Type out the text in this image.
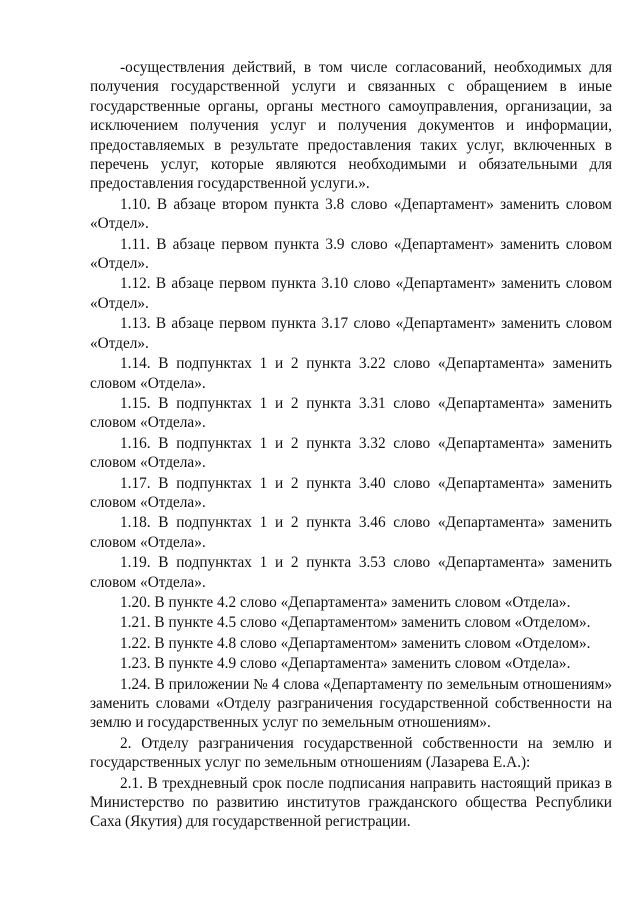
-осуществления действий, в том числе согласований, необходимых для получения государственной услуги и связанных с обращением в иные государственные органы, органы местного самоуправления, организации, за исключением получения услуг и получения документов и информации, предоставляемых в результате предоставления таких услуг, включенных в перечень услуг, которые являются необходимыми и обязательными для предоставления государственной услуги.».

1.10. В абзаце втором пункта 3.8 слово «Департамент» заменить словом «Отдел».

1.11. В абзаце первом пункта 3.9 слово «Департамент» заменить словом «Отдел».

1.12. В абзаце первом пункта 3.10 слово «Департамент» заменить словом «Отдел».

1.13. В абзаце первом пункта 3.17 слово «Департамент» заменить словом «Отдел».

1.14. В подпунктах 1 и 2 пункта 3.22 слово «Департамента» заменить словом «Отдела».

1.15. В подпунктах 1 и 2 пункта 3.31 слово «Департамента» заменить словом «Отдела».

1.16. В подпунктах 1 и 2 пункта 3.32 слово «Департамента» заменить словом «Отдела».

1.17. В подпунктах 1 и 2 пункта 3.40 слово «Департамента» заменить словом «Отдела».

1.18. В подпунктах 1 и 2 пункта 3.46 слово «Департамента» заменить словом «Отдела».

1.19. В подпунктах 1 и 2 пункта 3.53 слово «Департамента» заменить словом «Отдела».

1.20. В пункте 4.2 слово «Департамента» заменить словом «Отдела».

1.21. В пункте 4.5 слово «Департаментом» заменить словом «Отделом».

1.22. В пункте 4.8 слово «Департаментом» заменить словом «Отделом».

1.23. В пункте 4.9 слово «Департамента» заменить словом «Отдела».

1.24. В приложении № 4 слова «Департаменту по земельным отношениям» заменить словами «Отделу разграничения государственной собственности на землю и государственных услуг по земельным отношениям».

2. Отделу разграничения государственной собственности на землю и государственных услуг по земельным отношениям (Лазарева Е.А.):

2.1. В трехдневный срок после подписания направить настоящий приказ в Министерство по развитию институтов гражданского общества Республики Саха (Якутия) для государственной регистрации.
